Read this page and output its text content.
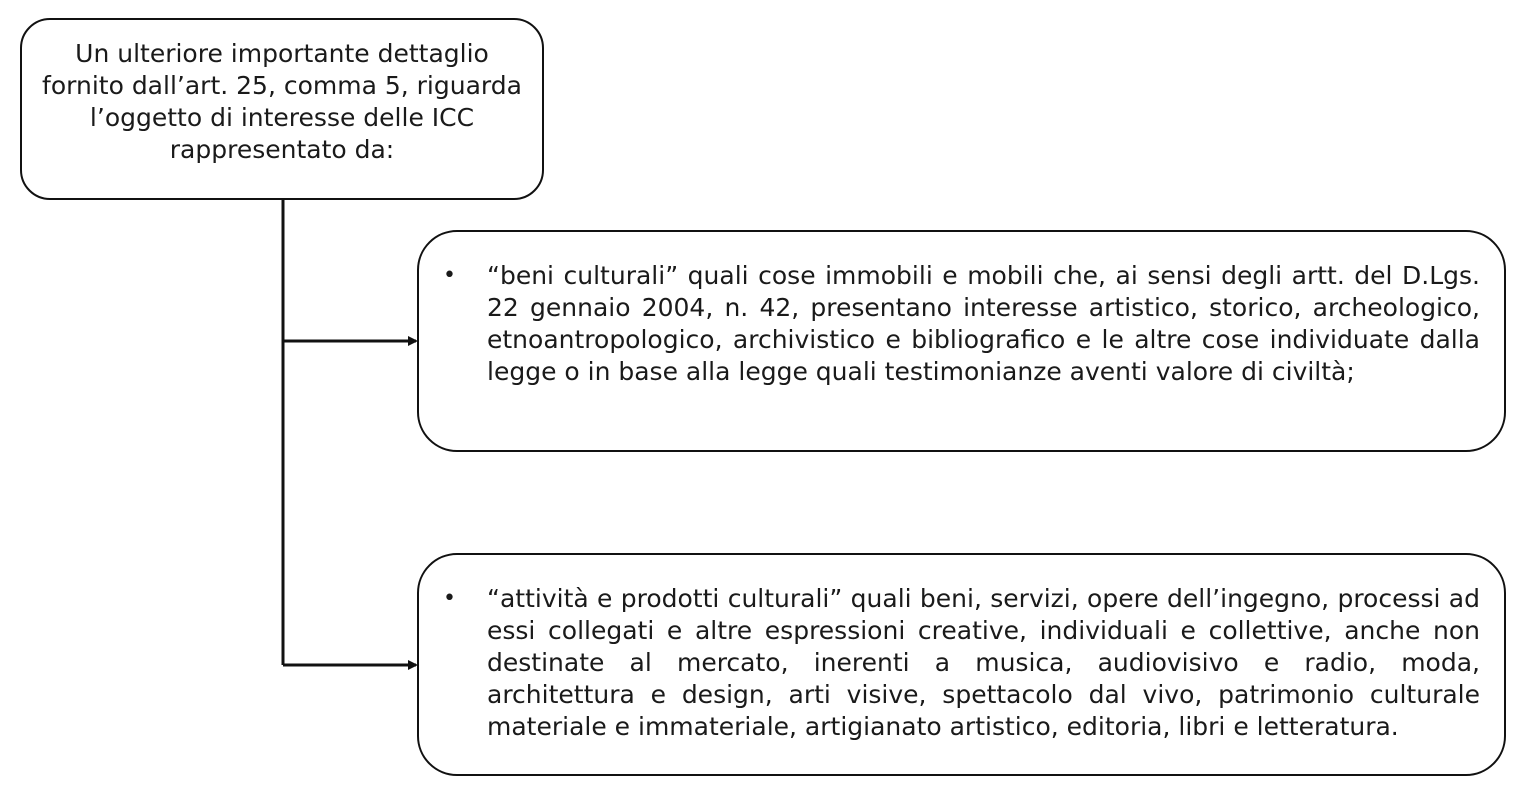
Un ulteriore importante dettaglio fornito dall’art. 25, comma 5, riguarda l’oggetto di interesse delle ICC rappresentato da:

•	“beni culturali” quali cose immobili e mobili che, ai sensi degli artt. del D.Lgs. 22 gennaio 2004, n. 42, presentano interesse artistico, storico, archeologico, etnoantropologico, archivistico e bibliografico e le altre cose individuate dalla legge o in base alla legge quali testimonianze aventi valore di civiltà;

•	“attività e prodotti culturali” quali beni, servizi, opere dell’ingegno, processi ad essi collegati e altre espressioni creative, individuali e collettive, anche non destinate al mercato, inerenti a musica, audiovisivo e radio, moda, architettura e design, arti visive, spettacolo dal vivo, patrimonio culturale materiale e immateriale, artigianato artistico, editoria, libri e letteratura.
